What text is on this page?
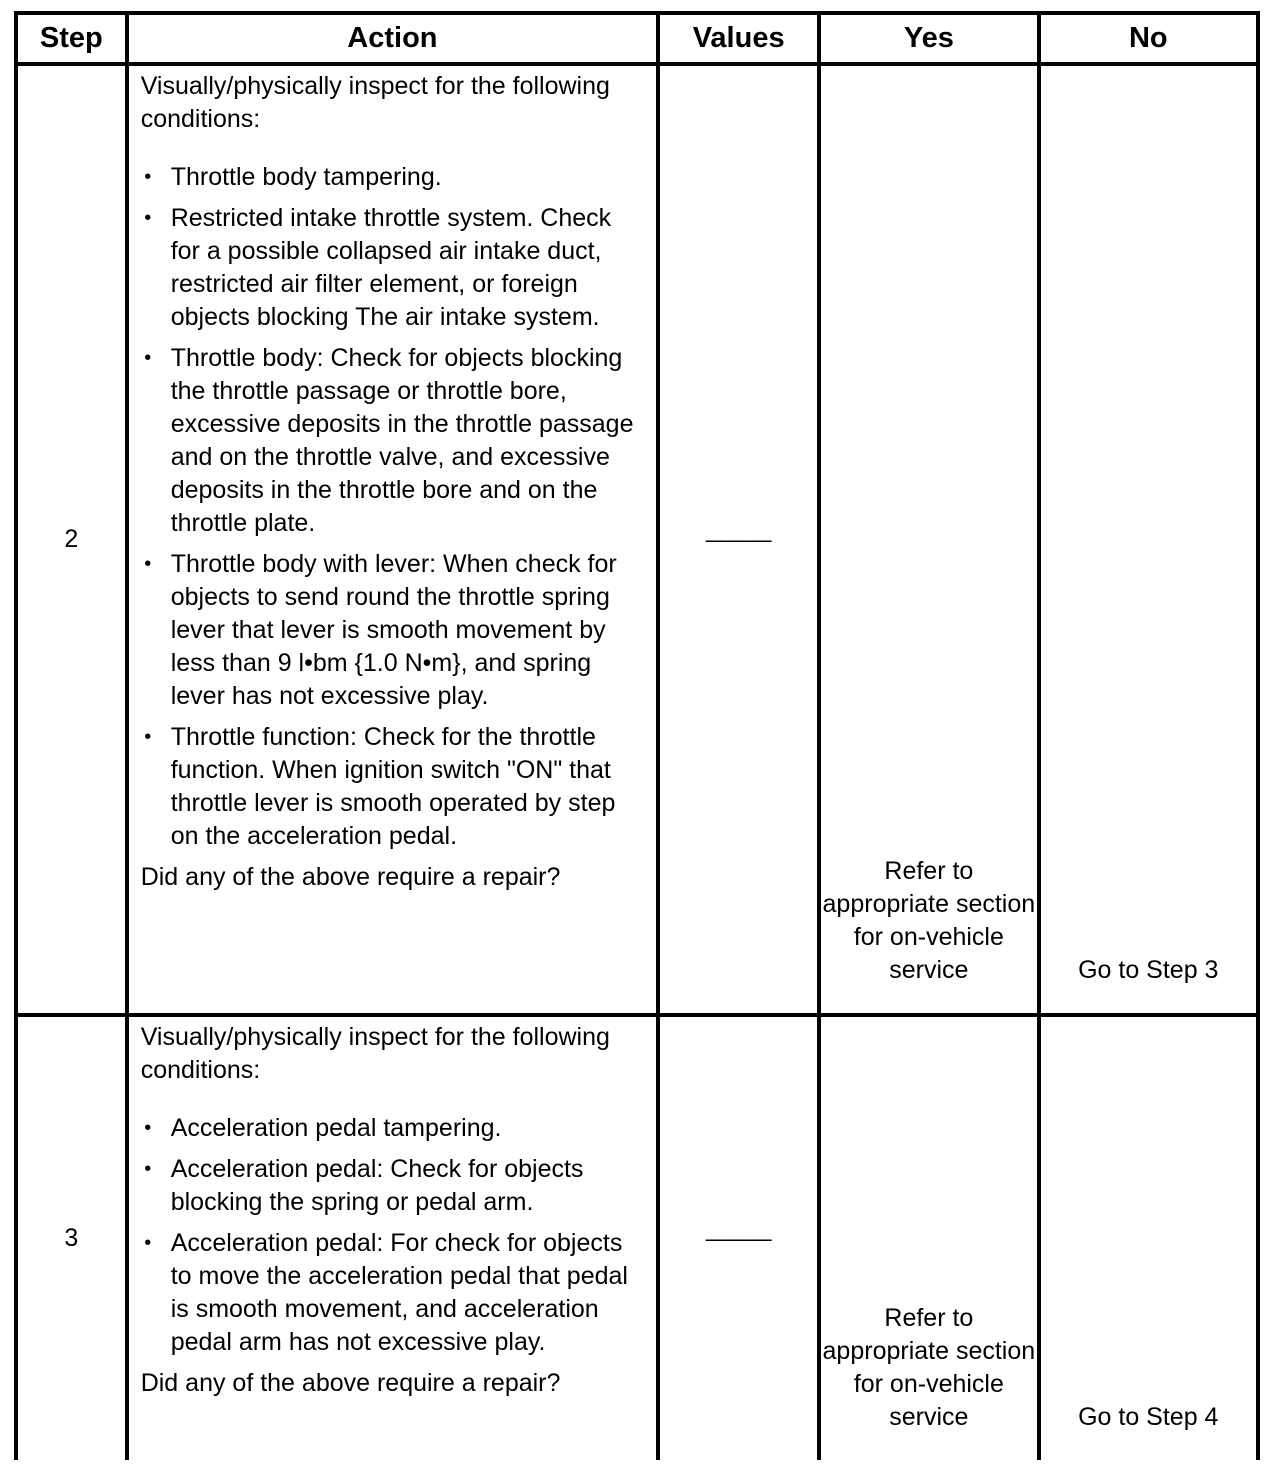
Step	Action	Values	Yes	No
2	

Visually/physically inspect for the following conditions:

• Throttle body tampering.
• Restricted intake throttle system. Check for a possible collapsed air intake duct, restricted air filter element, or foreign objects blocking The air intake system.
• Throttle body: Check for objects blocking the throttle passage or throttle bore, excessive deposits in the throttle passage and on the throttle valve, and excessive deposits in the throttle bore and on the throttle plate.
• Throttle body with lever: When check for objects to send round the throttle spring lever that lever is smooth movement by less than 9 l•bm {1.0 N•m}, and spring lever has not excessive play.
• Throttle function: Check for the throttle function. When ignition switch "ON" that throttle lever is smooth operated by step on the acceleration pedal.

Did any of the above require a repair?

	———	Refer to appropriate section for on-vehicle service	Go to Step 3
3	

Visually/physically inspect for the following conditions:

• Acceleration pedal tampering.
• Acceleration pedal: Check for objects blocking the spring or pedal arm.
• Acceleration pedal: For check for objects to move the acceleration pedal that pedal is smooth movement, and acceleration pedal arm has not excessive play.

Did any of the above require a repair?

	———	Refer to appropriate section for on-vehicle service	Go to Step 4
